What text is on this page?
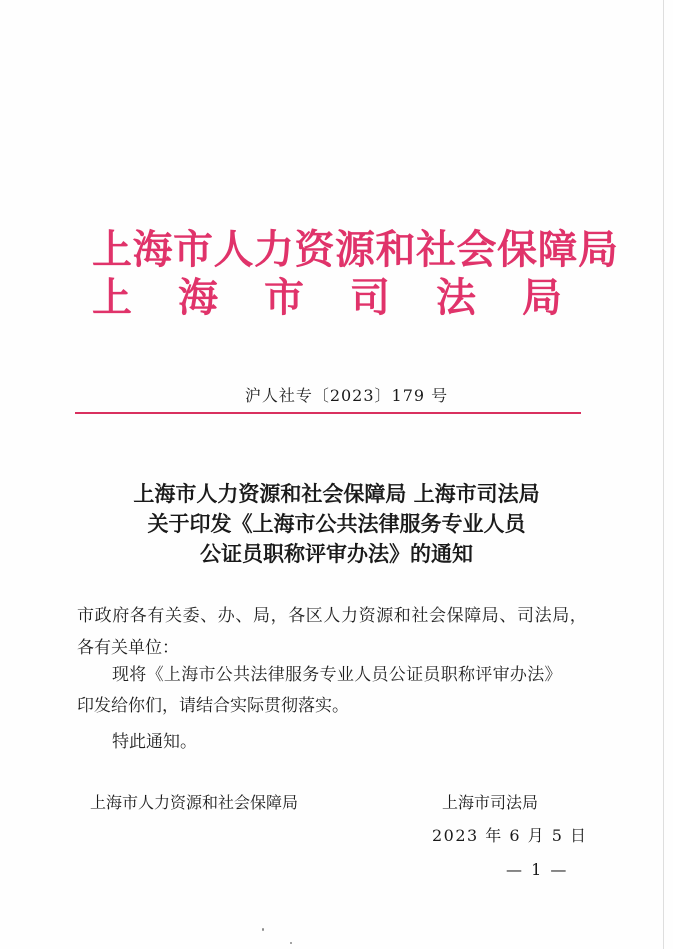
上海市人力资源和社会保障局
上 海 市 司 法 局
沪人社专〔2023〕179 号
上海市人力资源和社会保障局 上海市司法局
关于印发《上海市公共法律服务专业人员
公证员职称评审办法》的通知
市政府各有关委、办、局，各区人力资源和社会保障局、司法局，
各有关单位：
现将《上海市公共法律服务专业人员公证员职称评审办法》
印发给你们，请结合实际贯彻落实。
特此通知。
上海市人力资源和社会保障局	上海市司法局
2023 年 6 月 5 日
— 1 —
